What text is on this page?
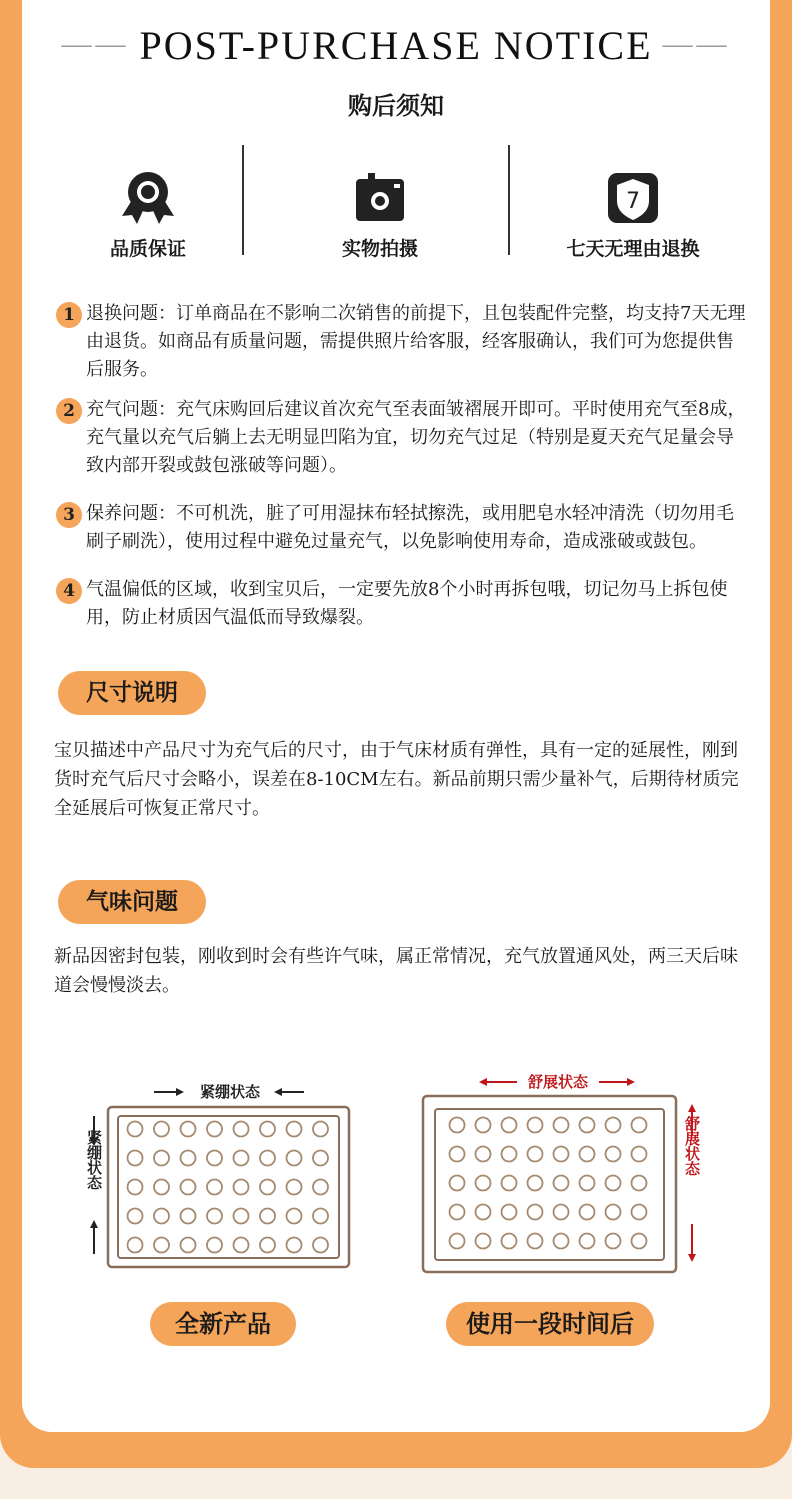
—— POST-PURCHASE NOTICE ——
购后须知
品质保证	实物拍摄
7
七天无理由退换
1 退换问题：订单商品在不影响二次销售的前提下，且包装配件完整，均支持7天无理由退货。如商品有质量问题，需提供照片给客服，经客服确认，我们可为您提供售后服务。
2 充气问题：充气床购回后建议首次充气至表面皱褶展开即可。平时使用充气至8成，充气量以充气后躺上去无明显凹陷为宜，切勿充气过足（特别是夏天充气足量会导致内部开裂或鼓包涨破等问题）。
3 保养问题：不可机洗，脏了可用湿抹布轻拭擦洗，或用肥皂水轻冲清洗（切勿用毛刷子刷洗），使用过程中避免过量充气，以免影响使用寿命，造成涨破或鼓包。
4 气温偏低的区域，收到宝贝后，一定要先放8个小时再拆包哦，切记勿马上拆包使用，防止材质因气温低而导致爆裂。
尺寸说明
宝贝描述中产品尺寸为充气后的尺寸，由于气床材质有弹性，具有一定的延展性，刚到货时充气后尺寸会略小，误差在8-10CM左右。新品前期只需少量补气，后期待材质完全延展后可恢复正常尺寸。
气味问题
新品因密封包装，刚收到时会有些许气味，属正常情况，充气放置通风处，两三天后味道会慢慢淡去。
紧绷状态
紧绷状态
舒展状态
舒展状态
全新产品	使用一段时间后
